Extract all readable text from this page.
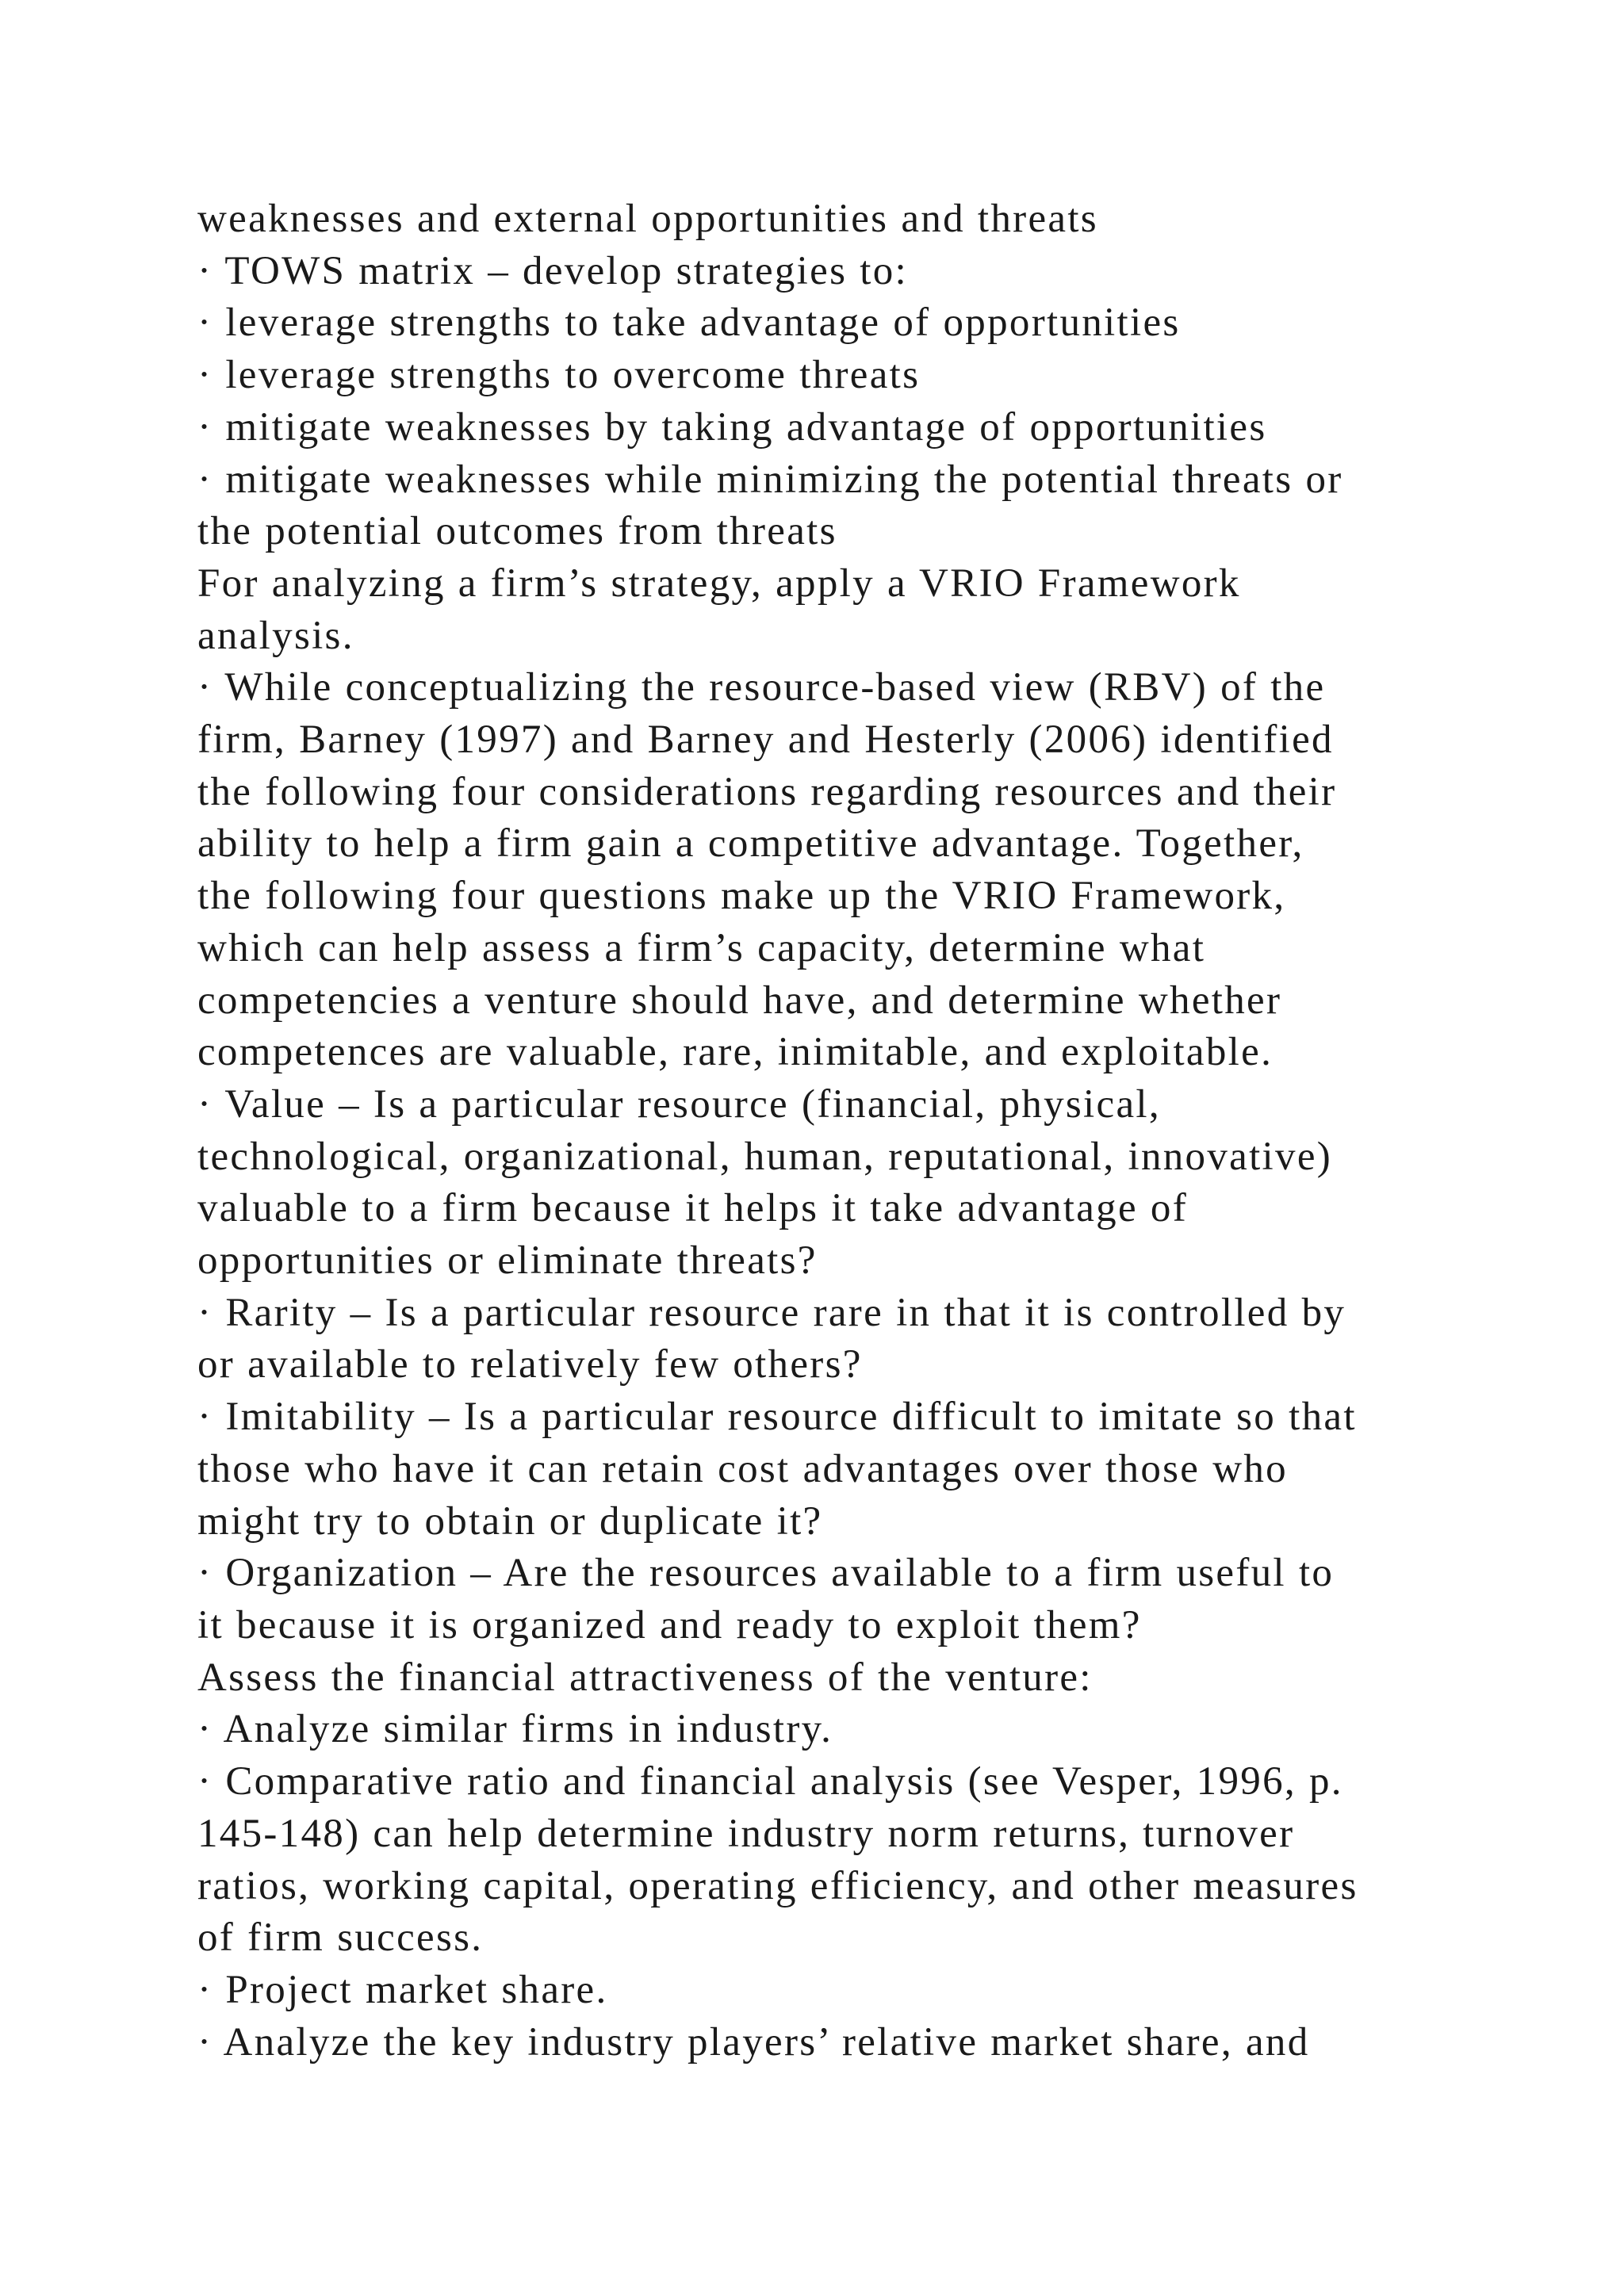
weaknesses and external opportunities and threats
· TOWS matrix – develop strategies to:
· leverage strengths to take advantage of opportunities
· leverage strengths to overcome threats
· mitigate weaknesses by taking advantage of opportunities
· mitigate weaknesses while minimizing the potential threats or
the potential outcomes from threats
For analyzing a firm’s strategy, apply a VRIO Framework
analysis.
· While conceptualizing the resource-based view (RBV) of the
firm, Barney (1997) and Barney and Hesterly (2006) identified
the following four considerations regarding resources and their
ability to help a firm gain a competitive advantage. Together,
the following four questions make up the VRIO Framework,
which can help assess a firm’s capacity, determine what
competencies a venture should have, and determine whether
competences are valuable, rare, inimitable, and exploitable.
· Value – Is a particular resource (financial, physical,
technological, organizational, human, reputational, innovative)
valuable to a firm because it helps it take advantage of
opportunities or eliminate threats?
· Rarity – Is a particular resource rare in that it is controlled by
or available to relatively few others?
· Imitability – Is a particular resource difficult to imitate so that
those who have it can retain cost advantages over those who
might try to obtain or duplicate it?
· Organization – Are the resources available to a firm useful to
it because it is organized and ready to exploit them?
Assess the financial attractiveness of the venture:
· Analyze similar firms in industry.
· Comparative ratio and financial analysis (see Vesper, 1996, p.
145-148) can help determine industry norm returns, turnover
ratios, working capital, operating efficiency, and other measures
of firm success.
· Project market share.
· Analyze the key industry players’ relative market share, and
